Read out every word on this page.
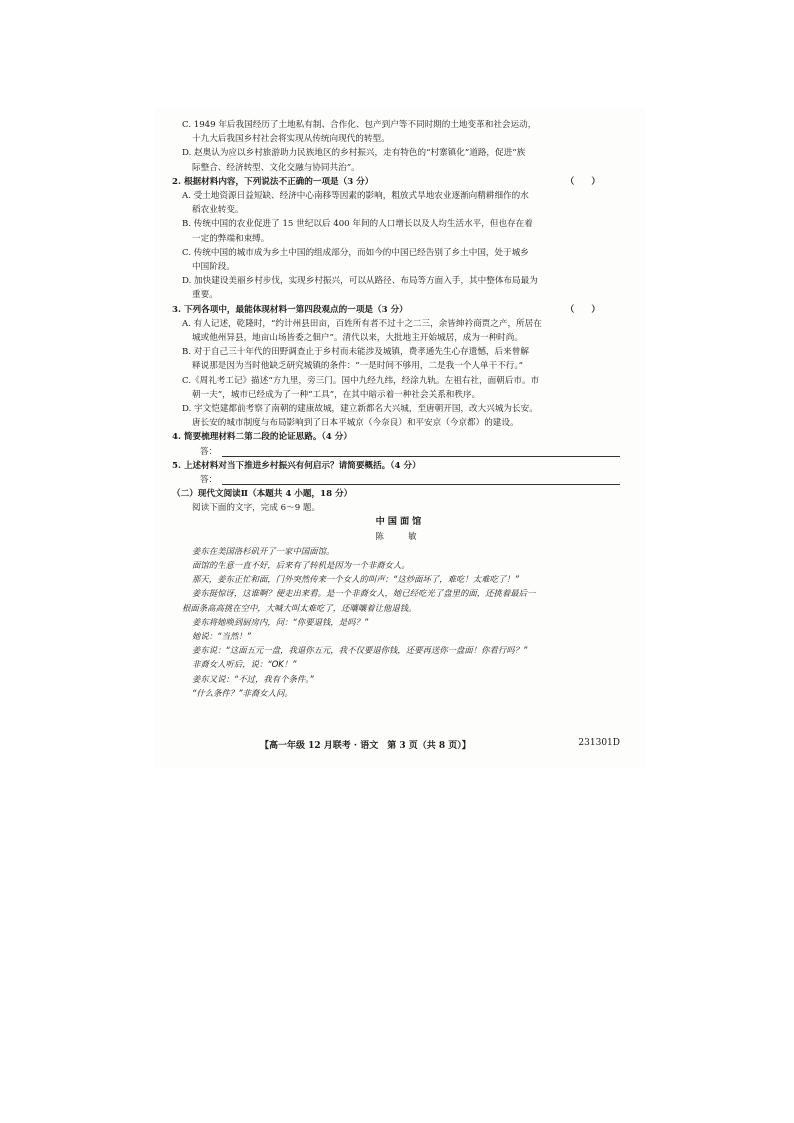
C. 1949 年后我国经历了土地私有制、合作化、包产到户等不同时期的土地变革和社会运动，
十九大后我国乡村社会将实现从传统向现代的转型。
D. 赵奥认为应以乡村旅游助力民族地区的乡村振兴，走有特色的“村寨镇化”道路，促进“族
际整合、经济转型、文化交融与协同共治”。
2. 根据材料内容，下列说法不正确的一项是（3 分）	（　　）
A. 受土地资源日益短缺、经济中心南移等因素的影响，粗放式旱地农业逐渐向精耕细作的水
稻农业转变。
B. 传统中国的农业促进了 15 世纪以后 400 年间的人口增长以及人均生活水平，但也存在着
一定的弊端和束缚。
C. 传统中国的城市成为乡土中国的组成部分，而如今的中国已经告别了乡土中国，处于城乡
中国阶段。
D. 加快建设美丽乡村步伐，实现乡村振兴，可以从路径、布局等方面入手，其中整体布局最为
重要。
3. 下列各项中，最能体现材料一第四段观点的一项是（3 分）	（　　）
A. 有人记述，乾隆时，“约计州县田亩，百姓所有者不过十之二三，余皆绅衿商贾之产，所居在
城或他州异县，地亩山场皆委之佃户”。清代以来，大批地主开始城居，成为一种时尚。
B. 对于自己三十年代的田野调查止于乡村而未能涉及城镇，费孝通先生心存遗憾，后来曾解
释说那是因为当时他缺乏研究城镇的条件：“一是时间不够用，二是我一个人单干不行。”
C.《周礼考工记》描述“方九里，旁三门。国中九经九纬，经涂九轨。左祖右社，面朝后市。市
朝一夫”，城市已经成为了一种“工具”，在其中暗示着一种社会关系和秩序。
D. 宇文恺建都前考察了南朝的建康故城，建立新都名大兴城，至唐朝开国，改大兴城为长安。
唐长安的城市制度与布局影响到了日本平城京（今奈良）和平安京（今京都）的建设。
4. 简要梳理材料二第二段的论证思路。（4 分）
答：
5. 上述材料对当下推进乡村振兴有何启示？请简要概括。（4 分）
答：
（二）现代文阅读Ⅱ（本题共 4 小题，18 分）
阅读下面的文字，完成 6～9 题。
中国面馆
陈　敏
姜东在美国洛杉矶开了一家中国面馆。
面馆的生意一直不好，后来有了转机是因为一个非裔女人。
那天，姜东正忙和面，门外突然传来一个女人的叫声：“这炒面坏了，难吃！太难吃了！”
姜东挺惊讶，这谁啊？便走出来看。是一个非裔女人，她已经吃光了盘里的面，还挑着最后一
根面条高高挑在空中，大喊大叫太难吃了，还嚷嚷着让他退钱。
姜东将她唤到厨房内，问：“你要退钱，是吗？”
她说：“当然！”
姜东说：“这面五元一盘，我退你五元，我不仅要退你钱，还要再送你一盘面！你看行吗？”
非裔女人听后，说：“OK！”
姜东又说：“不过，我有个条件。”
“什么条件？”非裔女人问。
【高一年级 12 月联考 · 语文　第 3 页（共 8 页）】	231301D
